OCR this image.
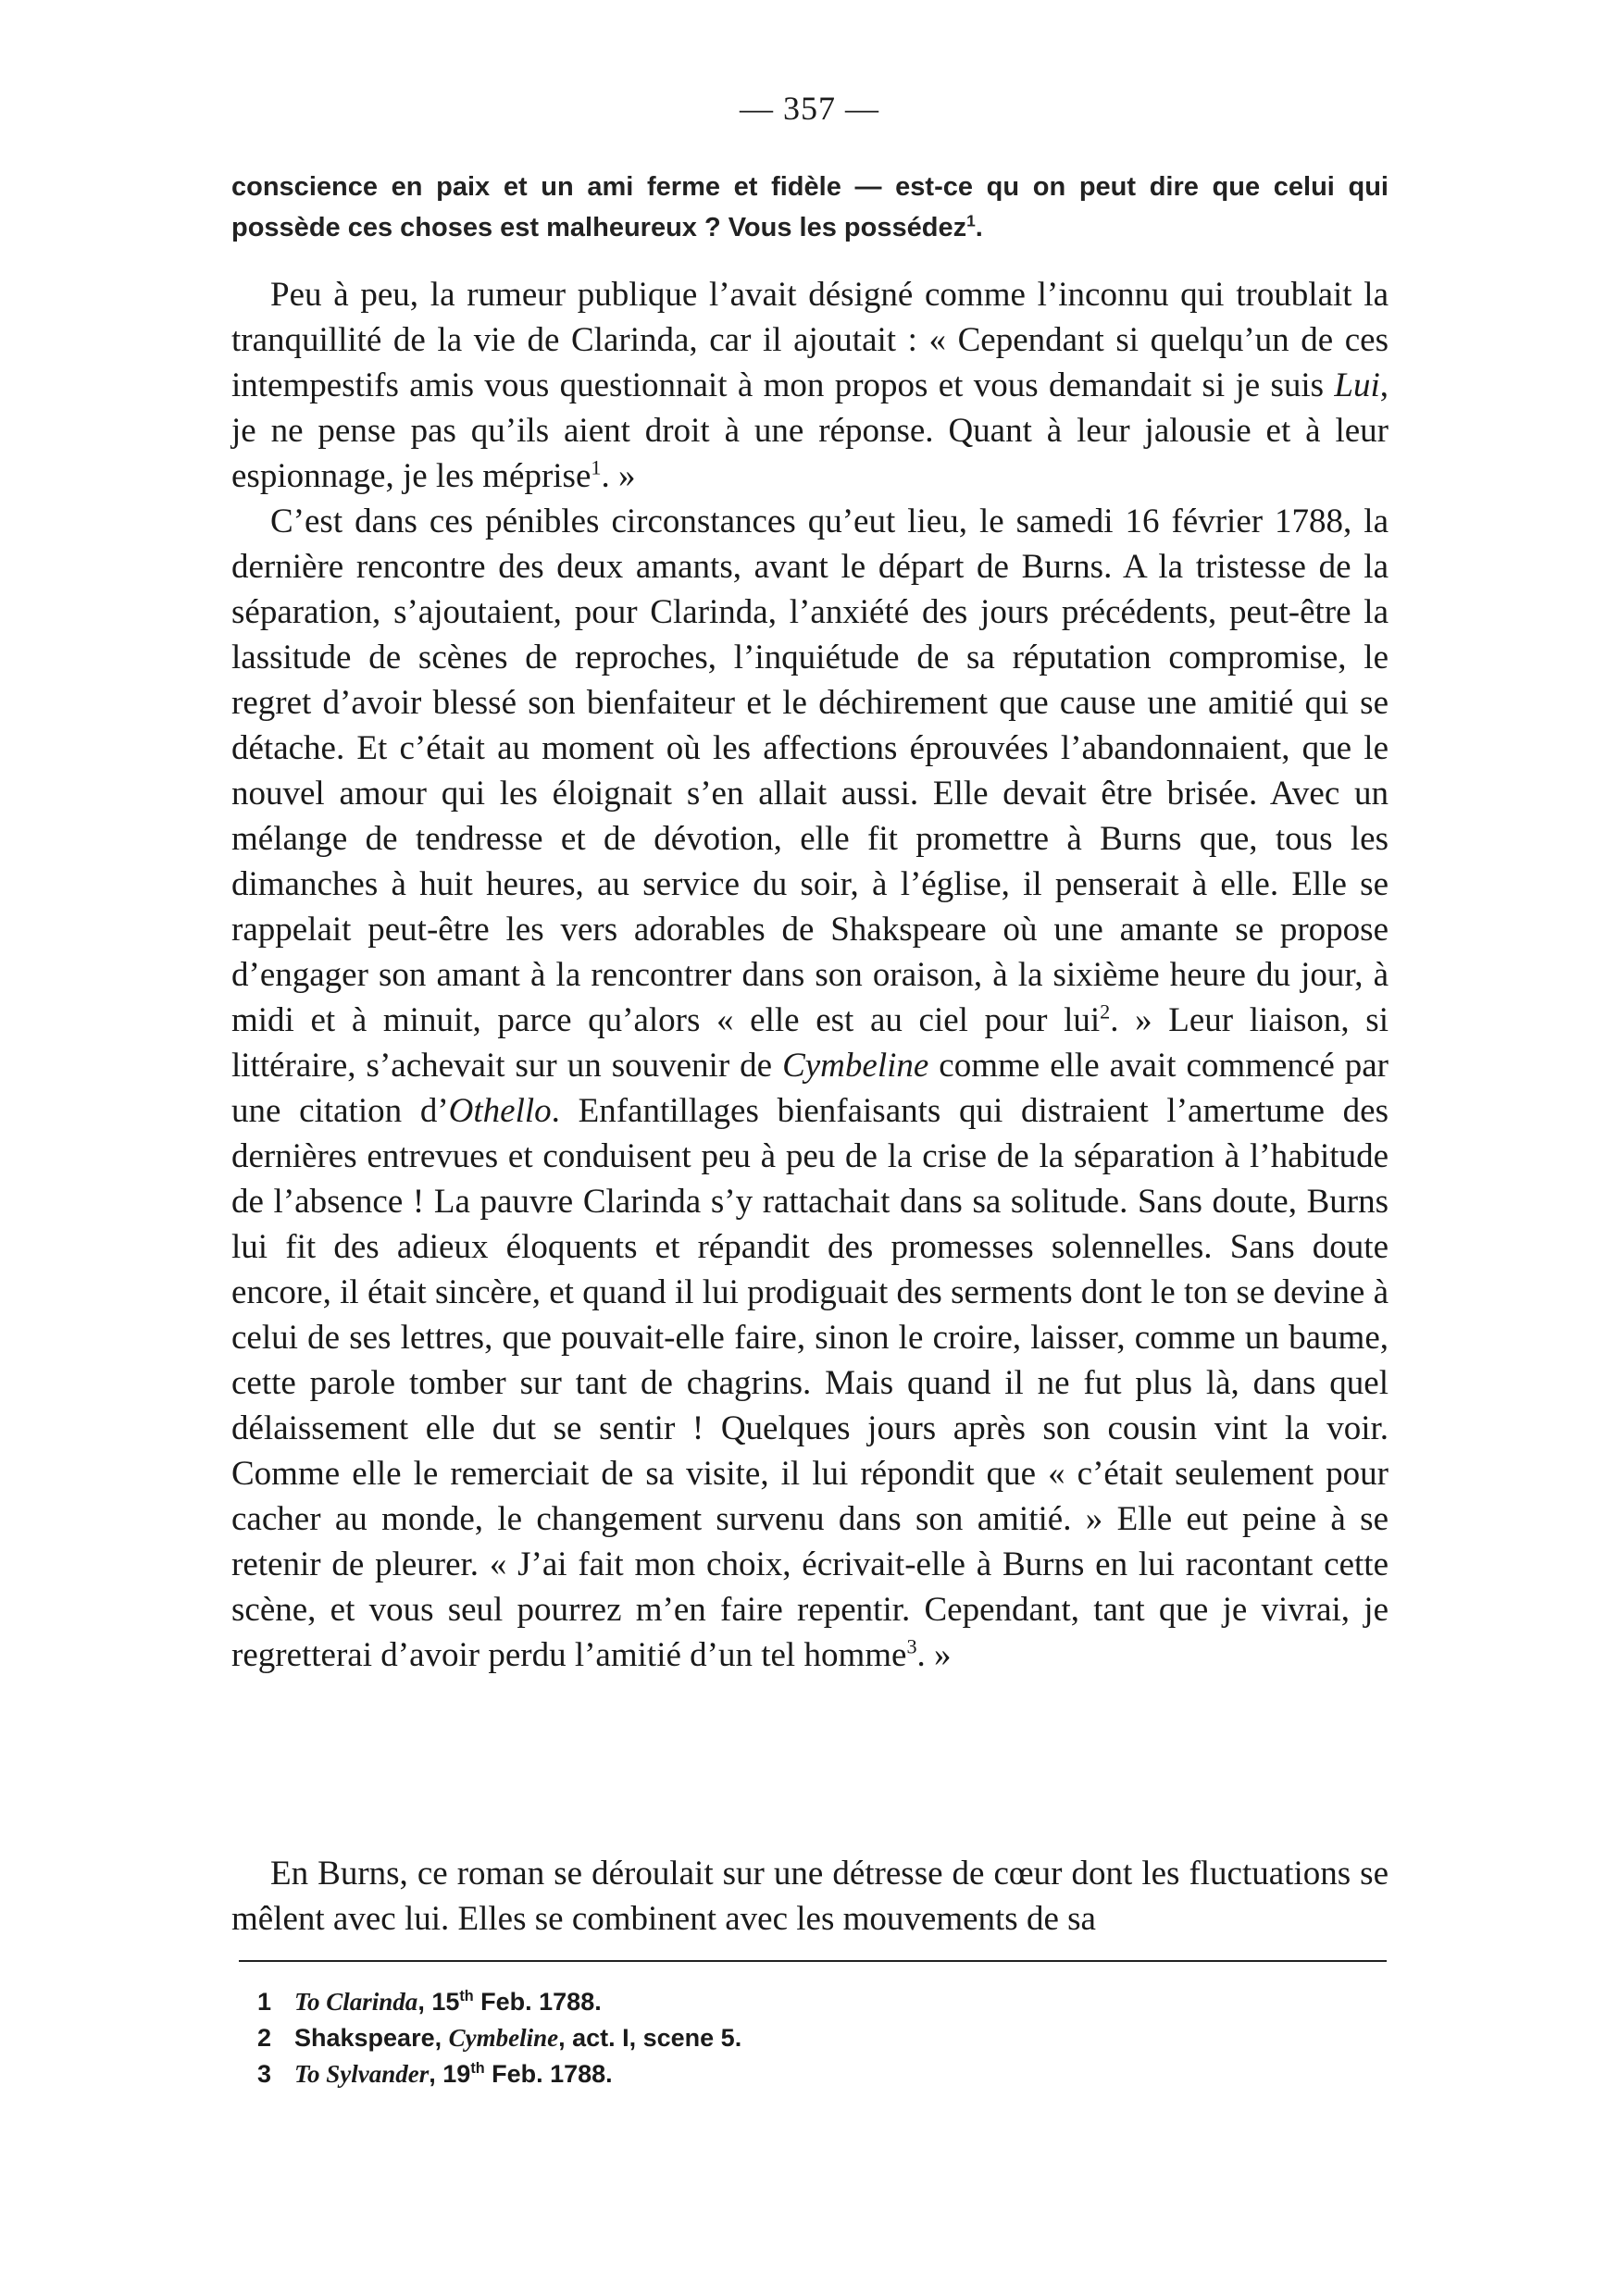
— 357 —
conscience en paix et un ami ferme et fidèle — est-ce qu on peut dire que celui qui possède ces choses est malheureux ? Vous les possédez$^1$.

Peu à peu, la rumeur publique l’avait désigné comme l’inconnu qui troublait la tranquillité de la vie de Clarinda, car il ajoutait : « Cependant si quelqu’un de ces intempestifs amis vous questionnait à mon propos et vous demandait si je suis Lui, je ne pense pas qu’ils aient droit à une réponse. Quant à leur jalousie et à leur espionnage, je les méprise$^1$. »

C’est dans ces pénibles circonstances qu’eut lieu, le samedi 16 février 1788, la dernière rencontre des deux amants, avant le départ de Burns. A la tristesse de la séparation, s’ajoutaient, pour Clarinda, l’anxiété des jours précédents, peut-être la lassitude de scènes de reproches, l’inquiétude de sa réputation compromise, le regret d’avoir blessé son bienfaiteur et le déchirement que cause une amitié qui se détache. Et c’était au moment où les affections éprouvées l’abandonnaient, que le nouvel amour qui les éloignait s’en allait aussi. Elle devait être brisée. Avec un mélange de tendresse et de dévotion, elle fit promettre à Burns que, tous les dimanches à huit heures, au service du soir, à l’église, il penserait à elle. Elle se rappelait peut-être les vers adorables de Shakspeare où une amante se propose d’engager son amant à la rencontrer dans son oraison, à la sixième heure du jour, à midi et à minuit, parce qu’alors « elle est au ciel pour lui$^2$. » Leur liaison, si littéraire, s’achevait sur un souvenir de Cymbeline comme elle avait commencé par une citation d’Othello. Enfantillages bienfaisants qui distraient l’amertume des dernières entrevues et conduisent peu à peu de la crise de la séparation à l’habitude de l’absence ! La pauvre Clarinda s’y rattachait dans sa solitude. Sans doute, Burns lui fit des adieux éloquents et répandit des promesses solennelles. Sans doute encore, il était sincère, et quand il lui prodiguait des serments dont le ton se devine à celui de ses lettres, que pouvait-elle faire, sinon le croire, laisser, comme un baume, cette parole tomber sur tant de chagrins. Mais quand il ne fut plus là, dans quel délaissement elle dut se sentir ! Quelques jours après son cousin vint la voir. Comme elle le remerciait de sa visite, il lui répondit que « c’était seulement pour cacher au monde, le changement survenu dans son amitié. » Elle eut peine à se retenir de pleurer. « J’ai fait mon choix, écrivait-elle à Burns en lui racontant cette scène, et vous seul pourrez m’en faire repentir. Cependant, tant que je vivrai, je regretterai d’avoir perdu l’amitié d’un tel homme$^3$. »

En Burns, ce roman se déroulait sur une détresse de cœur dont les fluctuations se mêlent avec lui. Elles se combinent avec les mouvements de sa

1 To Clarinda, 15th Feb. 1788.
2 Shakspeare, Cymbeline, act. I, scene 5.
3 To Sylvander, 19th Feb. 1788.
